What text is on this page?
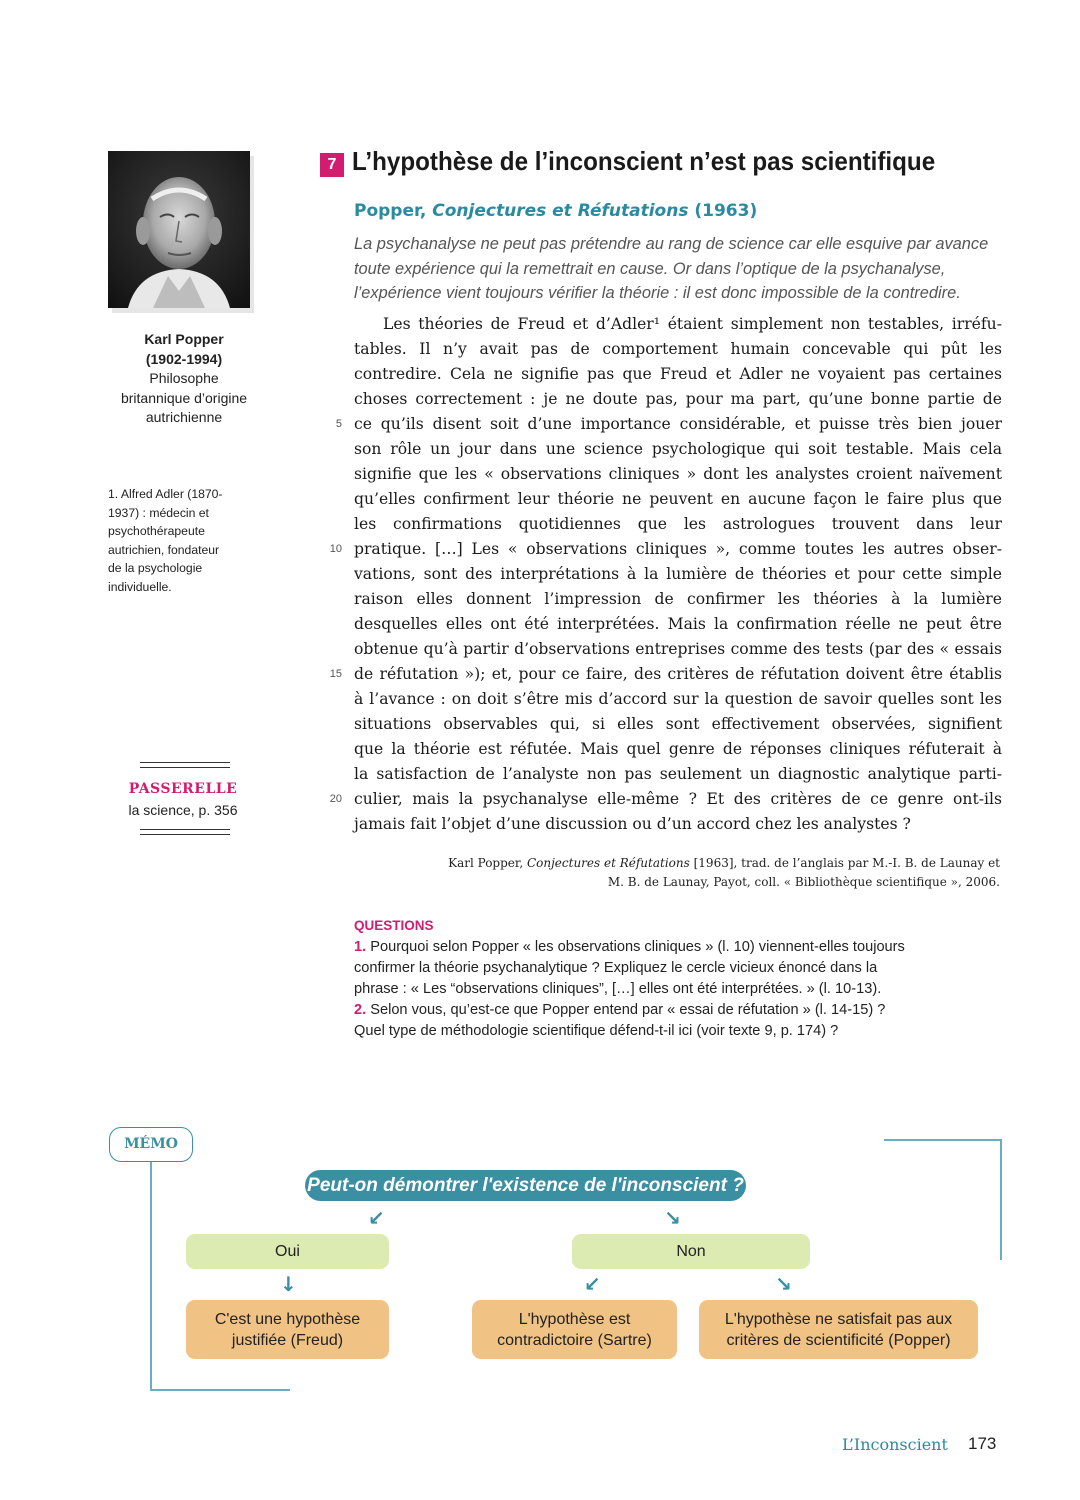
Karl Popper
(1902-1994)
Philosophe
britannique d’origine
autrichienne
1. Alfred Adler (1870-
1937) : médecin et
psychothérapeute
autrichien, fondateur
de la psychologie
individuelle.
PASSERELLE
la science, p. 356
7 L’hypothèse de l’inconscient n’est pas scientifique
Popper, Conjectures et Réfutations (1963)
La psychanalyse ne peut pas prétendre au rang de science car elle esquive par avance toute expérience qui la remettrait en cause. Or dans l’optique de la psychanalyse, l’expérience vient toujours vérifier la théorie : il est donc impossible de la contredire.
Les théories de Freud et d’Adler¹ étaient simplement non testables, irréfu-
tables. Il n’y avait pas de comportement humain concevable qui pût les
contredire. Cela ne signifie pas que Freud et Adler ne voyaient pas certaines
choses correctement : je ne doute pas, pour ma part, qu’une bonne partie de
ce qu’ils disent soit d’une importance considérable, et puisse très bien jouer
son rôle un jour dans une science psychologique qui soit testable. Mais cela
signifie que les « observations cliniques » dont les analystes croient naïvement
qu’elles confirment leur théorie ne peuvent en aucune façon le faire plus que
les confirmations quotidiennes que les astrologues trouvent dans leur
pratique. […] Les « observations cliniques », comme toutes les autres obser-
vations, sont des interprétations à la lumière de théories et pour cette simple
raison elles donnent l’impression de confirmer les théories à la lumière
desquelles elles ont été interprétées. Mais la confirmation réelle ne peut être
obtenue qu’à partir d’observations entreprises comme des tests (par des « essais
de réfutation »); et, pour ce faire, des critères de réfutation doivent être établis
à l’avance : on doit s’être mis d’accord sur la question de savoir quelles sont les
situations observables qui, si elles sont effectivement observées, signifient
que la théorie est réfutée. Mais quel genre de réponses cliniques réfuterait à
la satisfaction de l’analyste non pas seulement un diagnostic analytique parti-
culier, mais la psychanalyse elle-même ? Et des critères de ce genre ont-ils
jamais fait l’objet d’une discussion ou d’un accord chez les analystes ?
5
10
15
20
Karl Popper, Conjectures et Réfutations [1963], trad. de l’anglais par M.-I. B. de Launay et
M. B. de Launay, Payot, coll. « Bibliothèque scientifique », 2006.
QUESTIONS
1. Pourquoi selon Popper « les observations cliniques » (l. 10) viennent-elles toujours
confirmer la théorie psychanalytique ? Expliquez le cercle vicieux énoncé dans la
phrase : « Les “observations cliniques”, […] elles ont été interprétées. » (l. 10-13).
2. Selon vous, qu’est-ce que Popper entend par « essai de réfutation » (l. 14-15) ?
Quel type de méthodologie scientifique défend-t-il ici (voir texte 9, p. 174) ?
MÉMO
Peut-on démontrer l'existence de l'inconscient ?
↙	↘
Oui	Non
↓	↙	↘
C'est une hypothèse
justifiée (Freud)
L'hypothèse est
contradictoire (Sartre)
L'hypothèse ne satisfait pas aux
critères de scientificité (Popper)
L’Inconscient 173
